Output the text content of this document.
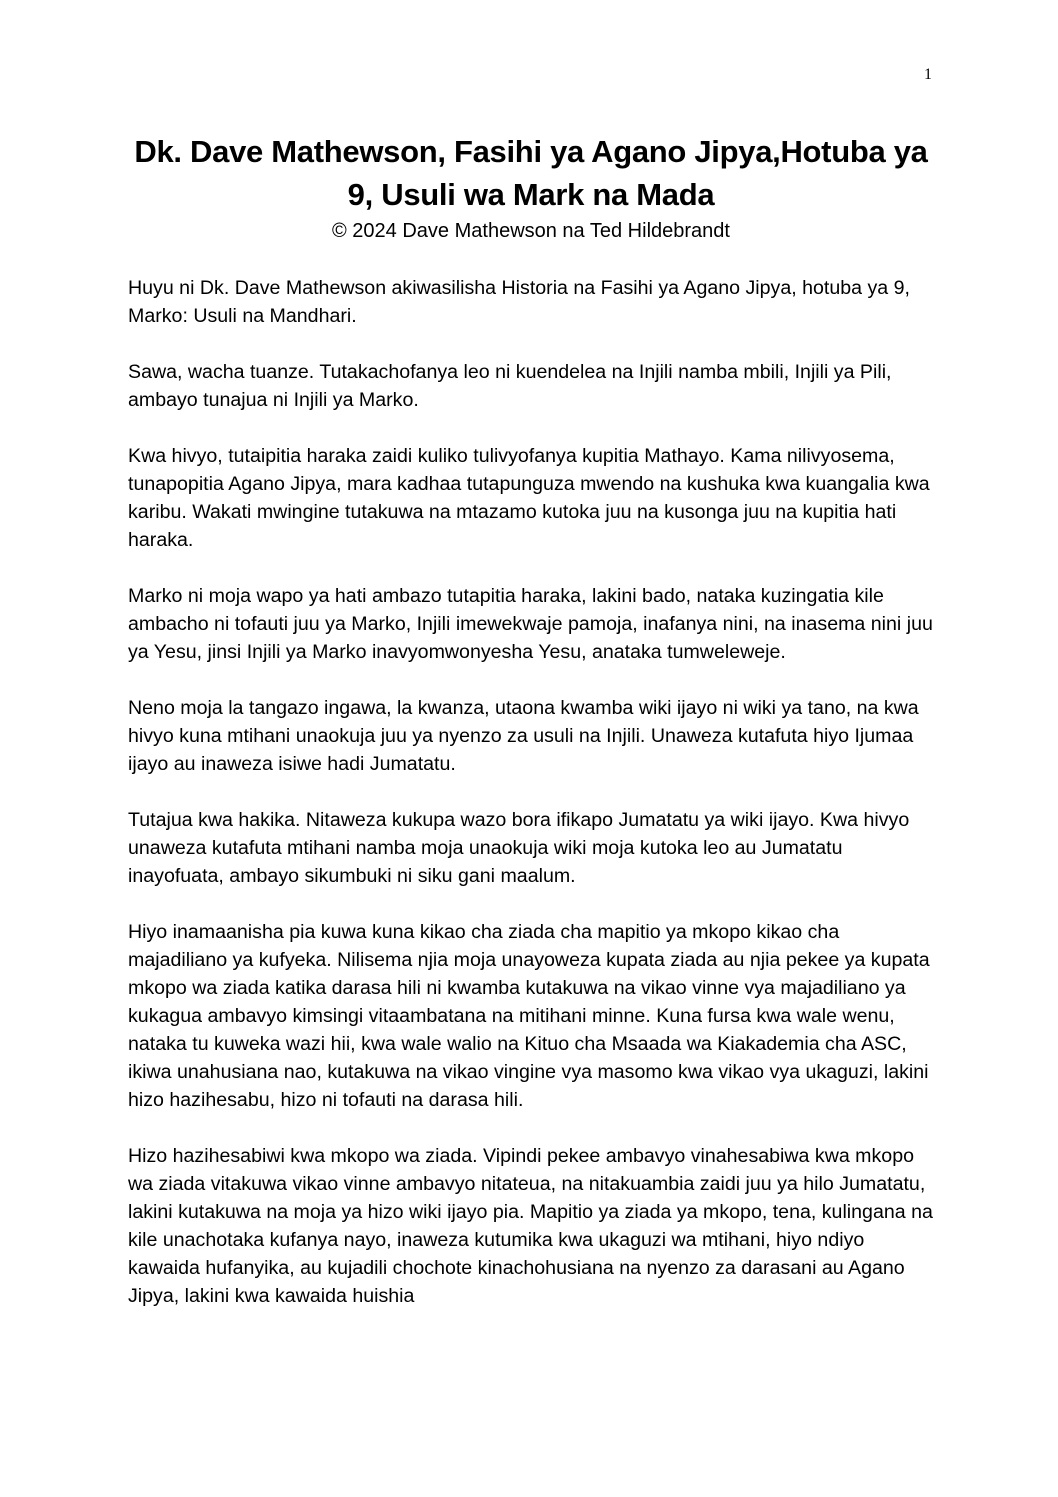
1
Dk. Dave Mathewson, Fasihi ya Agano Jipya,Hotuba ya 9, Usuli wa Mark na Mada
© 2024 Dave Mathewson na Ted Hildebrandt

Huyu ni Dk. Dave Mathewson akiwasilisha Historia na Fasihi ya Agano Jipya, hotuba ya 9, Marko: Usuli na Mandhari.

Sawa, wacha tuanze. Tutakachofanya leo ni kuendelea na Injili namba mbili, Injili ya Pili, ambayo tunajua ni Injili ya Marko.

Kwa hivyo, tutaipitia haraka zaidi kuliko tulivyofanya kupitia Mathayo. Kama nilivyosema, tunapopitia Agano Jipya, mara kadhaa tutapunguza mwendo na kushuka kwa kuangalia kwa karibu. Wakati mwingine tutakuwa na mtazamo kutoka juu na kusonga juu na kupitia hati haraka.

Marko ni moja wapo ya hati ambazo tutapitia haraka, lakini bado, nataka kuzingatia kile ambacho ni tofauti juu ya Marko, Injili imewekwaje pamoja, inafanya nini, na inasema nini juu ya Yesu, jinsi Injili ya Marko inavyomwonyesha Yesu, anataka tumweleweje.

Neno moja la tangazo ingawa, la kwanza, utaona kwamba wiki ijayo ni wiki ya tano, na kwa hivyo kuna mtihani unaokuja juu ya nyenzo za usuli na Injili. Unaweza kutafuta hiyo Ijumaa ijayo au inaweza isiwe hadi Jumatatu.

Tutajua kwa hakika. Nitaweza kukupa wazo bora ifikapo Jumatatu ya wiki ijayo. Kwa hivyo unaweza kutafuta mtihani namba moja unaokuja wiki moja kutoka leo au Jumatatu inayofuata, ambayo sikumbuki ni siku gani maalum.

Hiyo inamaanisha pia kuwa kuna kikao cha ziada cha mapitio ya mkopo kikao cha majadiliano ya kufyeka. Nilisema njia moja unayoweza kupata ziada au njia pekee ya kupata mkopo wa ziada katika darasa hili ni kwamba kutakuwa na vikao vinne vya majadiliano ya kukagua ambavyo kimsingi vitaambatana na mitihani minne. Kuna fursa kwa wale wenu, nataka tu kuweka wazi hii, kwa wale walio na Kituo cha Msaada wa Kiakademia cha ASC, ikiwa unahusiana nao, kutakuwa na vikao vingine vya masomo kwa vikao vya ukaguzi, lakini hizo hazihesabu, hizo ni tofauti na darasa hili.

Hizo hazihesabiwi kwa mkopo wa ziada. Vipindi pekee ambavyo vinahesabiwa kwa mkopo wa ziada vitakuwa vikao vinne ambavyo nitateua, na nitakuambia zaidi juu ya hilo Jumatatu, lakini kutakuwa na moja ya hizo wiki ijayo pia. Mapitio ya ziada ya mkopo, tena, kulingana na kile unachotaka kufanya nayo, inaweza kutumika kwa ukaguzi wa mtihani, hiyo ndiyo kawaida hufanyika, au kujadili chochote kinachohusiana na nyenzo za darasani au Agano Jipya, lakini kwa kawaida huishia
